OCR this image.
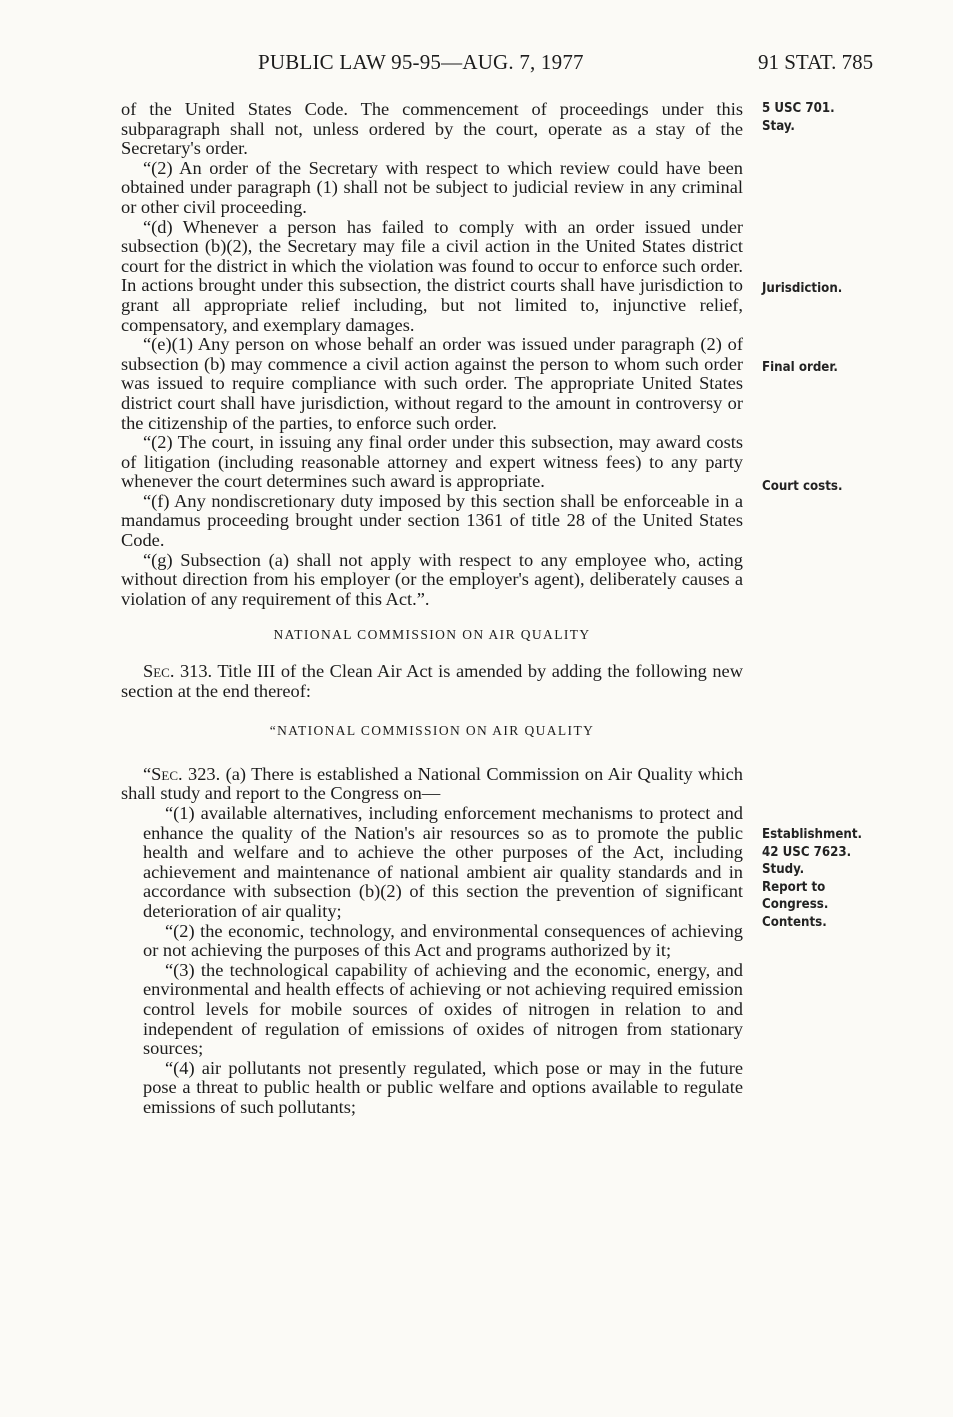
PUBLIC LAW 95-95—AUG. 7, 1977	91 STAT. 785

of the United States Code. The commencement of proceedings under this subparagraph shall not, unless ordered by the court, operate as a stay of the Secretary's order.

“(2) An order of the Secretary with respect to which review could have been obtained under paragraph (1) shall not be subject to judicial review in any criminal or other civil proceeding.

“(d) Whenever a person has failed to comply with an order issued under subsection (b)(2), the Secretary may file a civil action in the United States district court for the district in which the violation was found to occur to enforce such order. In actions brought under this subsection, the district courts shall have jurisdiction to grant all appropriate relief including, but not limited to, injunctive relief, compensatory, and exemplary damages.

“(e)(1) Any person on whose behalf an order was issued under paragraph (2) of subsection (b) may commence a civil action against the person to whom such order was issued to require compliance with such order. The appropriate United States district court shall have jurisdiction, without regard to the amount in controversy or the citizenship of the parties, to enforce such order.

“(2) The court, in issuing any final order under this subsection, may award costs of litigation (including reasonable attorney and expert witness fees) to any party whenever the court determines such award is appropriate.

“(f) Any nondiscretionary duty imposed by this section shall be enforceable in a mandamus proceeding brought under section 1361 of title 28 of the United States Code.

“(g) Subsection (a) shall not apply with respect to any employee who, acting without direction from his employer (or the employer's agent), deliberately causes a violation of any requirement of this Act.”.

NATIONAL COMMISSION ON AIR QUALITY

Sec. 313. Title III of the Clean Air Act is amended by adding the following new section at the end thereof:

“NATIONAL COMMISSION ON AIR QUALITY

“Sec. 323. (a) There is established a National Commission on Air Quality which shall study and report to the Congress on—

“(1) available alternatives, including enforcement mechanisms to protect and enhance the quality of the Nation's air resources so as to promote the public health and welfare and to achieve the other purposes of the Act, including achievement and maintenance of national ambient air quality standards and in accordance with subsection (b)(2) of this section the prevention of significant deterioration of air quality;

“(2) the economic, technology, and environmental consequences of achieving or not achieving the purposes of this Act and programs authorized by it;

“(3) the technological capability of achieving and the economic, energy, and environmental and health effects of achieving or not achieving required emission control levels for mobile sources of oxides of nitrogen in relation to and independent of regulation of emissions of oxides of nitrogen from stationary sources;

“(4) air pollutants not presently regulated, which pose or may in the future pose a threat to public health or public welfare and options available to regulate emissions of such pollutants;

5 USC 701.
Stay.
Jurisdiction.
Final order.
Court costs.
Establishment.
42 USC 7623.
Study.
Report to
Congress.
Contents.
